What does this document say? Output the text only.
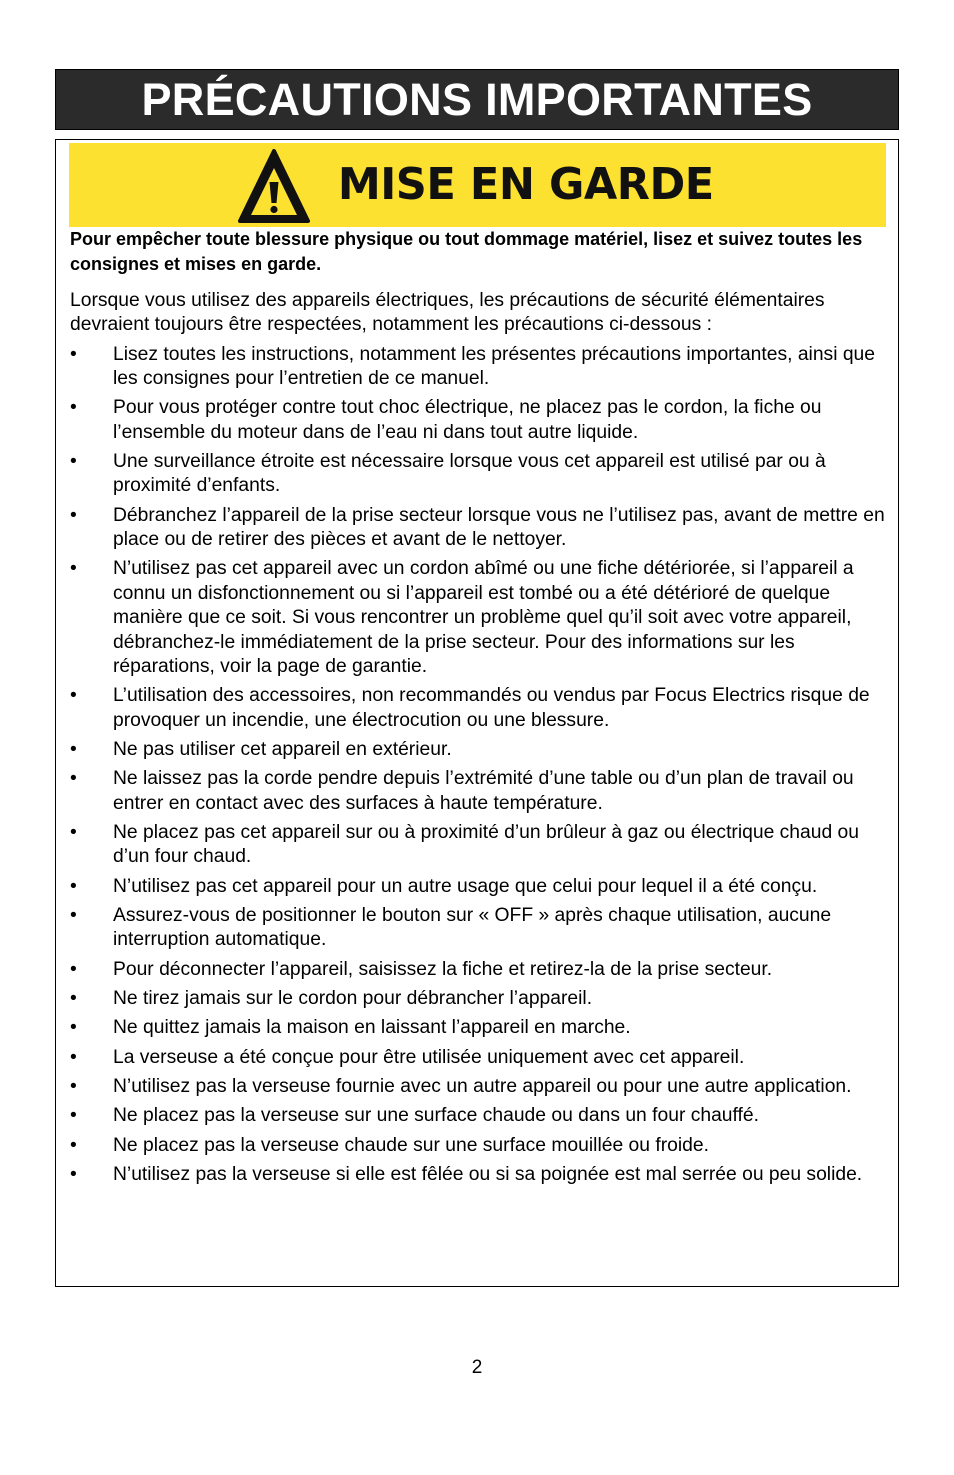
PRÉCAUTIONS IMPORTANTES
MISE EN GARDE

Pour empêcher toute blessure physique ou tout dommage matériel, lisez et suivez toutes les consignes et mises en garde.

Lorsque vous utilisez des appareils électriques, les précautions de sécurité élémentaires devraient toujours être respectées, notamment les précautions ci-dessous :

• Lisez toutes les instructions, notamment les présentes précautions importantes, ainsi que les consignes pour l’entretien de ce manuel.
• Pour vous protéger contre tout choc électrique, ne placez pas le cordon, la fiche ou l’ensemble du moteur dans de l’eau ni dans tout autre liquide.
• Une surveillance étroite est nécessaire lorsque vous cet appareil est utilisé par ou à proximité d’enfants.
• Débranchez l’appareil de la prise secteur lorsque vous ne l’utilisez pas, avant de mettre en place ou de retirer des pièces et avant de le nettoyer.
• N’utilisez pas cet appareil avec un cordon abîmé ou une fiche détériorée, si l’appareil a connu un disfonctionnement ou si l’appareil est tombé ou a été détérioré de quelque manière que ce soit. Si vous rencontrer un problème quel qu’il soit avec votre appareil, débranchez-le immédiatement de la prise secteur. Pour des informations sur les réparations, voir la page de garantie.
• L’utilisation des accessoires, non recommandés ou vendus par Focus Electrics risque de provoquer un incendie, une électrocution ou une blessure.
• Ne pas utiliser cet appareil en extérieur.
• Ne laissez pas la corde pendre depuis l’extrémité d’une table ou d’un plan de travail ou entrer en contact avec des surfaces à haute température.
• Ne placez pas cet appareil sur ou à proximité d’un brûleur à gaz ou électrique chaud ou d’un four chaud.
• N’utilisez pas cet appareil pour un autre usage que celui pour lequel il a été conçu.
• Assurez-vous de positionner le bouton sur « OFF » après chaque utilisation, aucune interruption automatique.
• Pour déconnecter l’appareil, saisissez la fiche et retirez-la de la prise secteur.
• Ne tirez jamais sur le cordon pour débrancher l’appareil.
• Ne quittez jamais la maison en laissant l’appareil en marche.
• La verseuse a été conçue pour être utilisée uniquement avec cet appareil.
• N’utilisez pas la verseuse fournie avec un autre appareil ou pour une autre application.
• Ne placez pas la verseuse sur une surface chaude ou dans un four chauffé.
• Ne placez pas la verseuse chaude sur une surface mouillée ou froide.
• N’utilisez pas la verseuse si elle est fêlée ou si sa poignée est mal serrée ou peu solide.
2
